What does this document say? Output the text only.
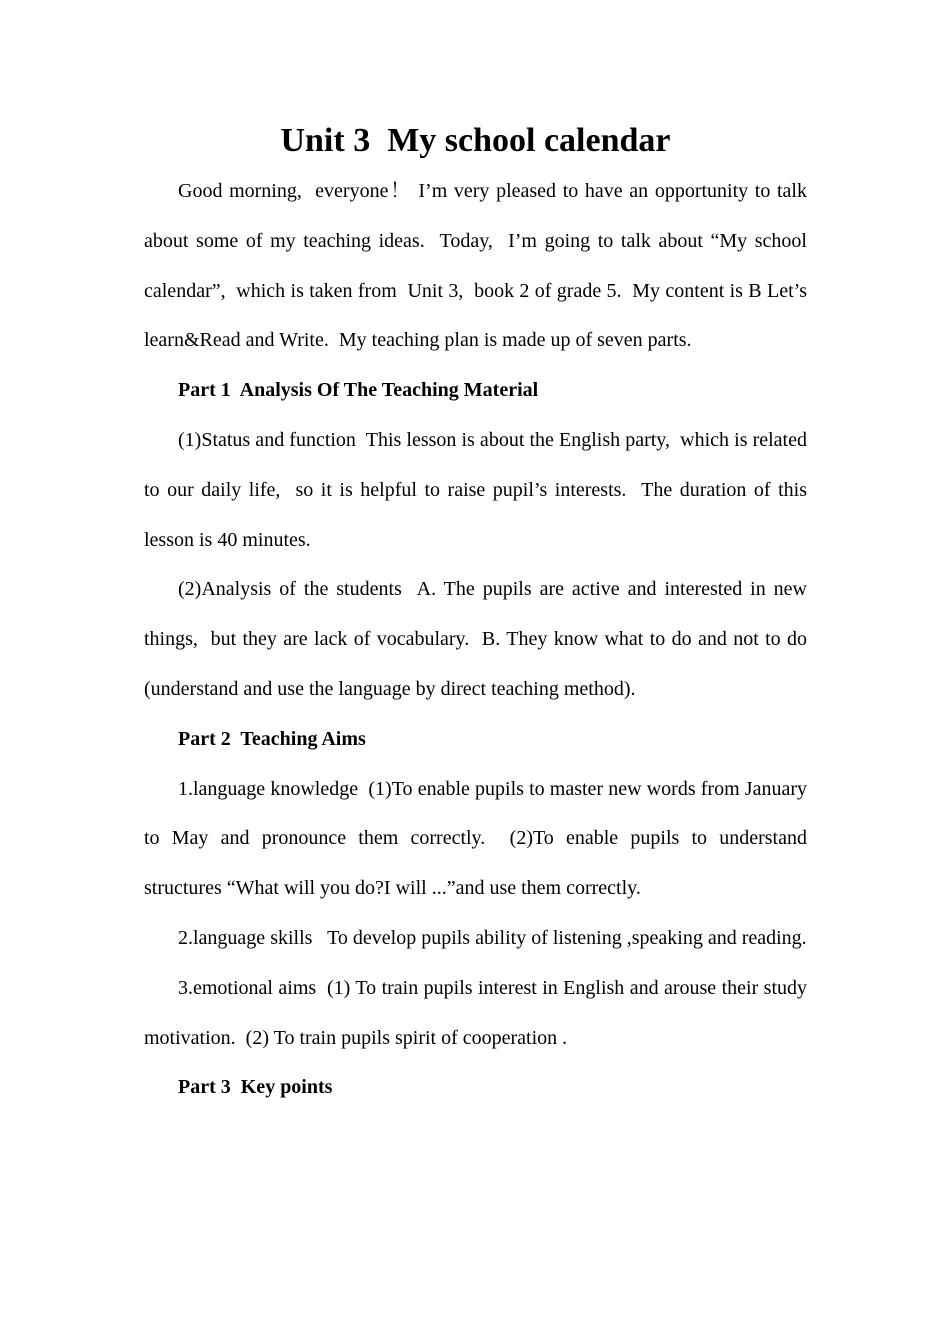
Unit 3  My school calendar

Good morning,  everyone！ I’m very pleased to have an opportunity to talk about some of my teaching ideas.  Today,  I’m going to talk about “My school calendar”,  which is taken from  Unit 3,  book 2 of grade 5.  My content is B Let’s learn&Read and Write.  My teaching plan is made up of seven parts.

Part 1  Analysis Of The Teaching Material

(1)Status and function  This lesson is about the English party,  which is related to our daily life,  so it is helpful to raise pupil’s interests.  The duration of this lesson is 40 minutes.

(2)Analysis of the students  A. The pupils are active and interested in new things,  but they are lack of vocabulary.  B. They know what to do and not to do  (understand and use the language by direct teaching method).

Part 2  Teaching Aims

1.language knowledge  (1)To enable pupils to master new words from January to May and pronounce them correctly.  (2)To enable pupils to understand structures “What will you do?I will ...”and use them correctly.

2.language skills   To develop pupils ability of listening ,speaking and reading.

3.emotional aims  (1) To train pupils interest in English and arouse their study motivation.  (2) To train pupils spirit of cooperation .

Part 3  Key points
